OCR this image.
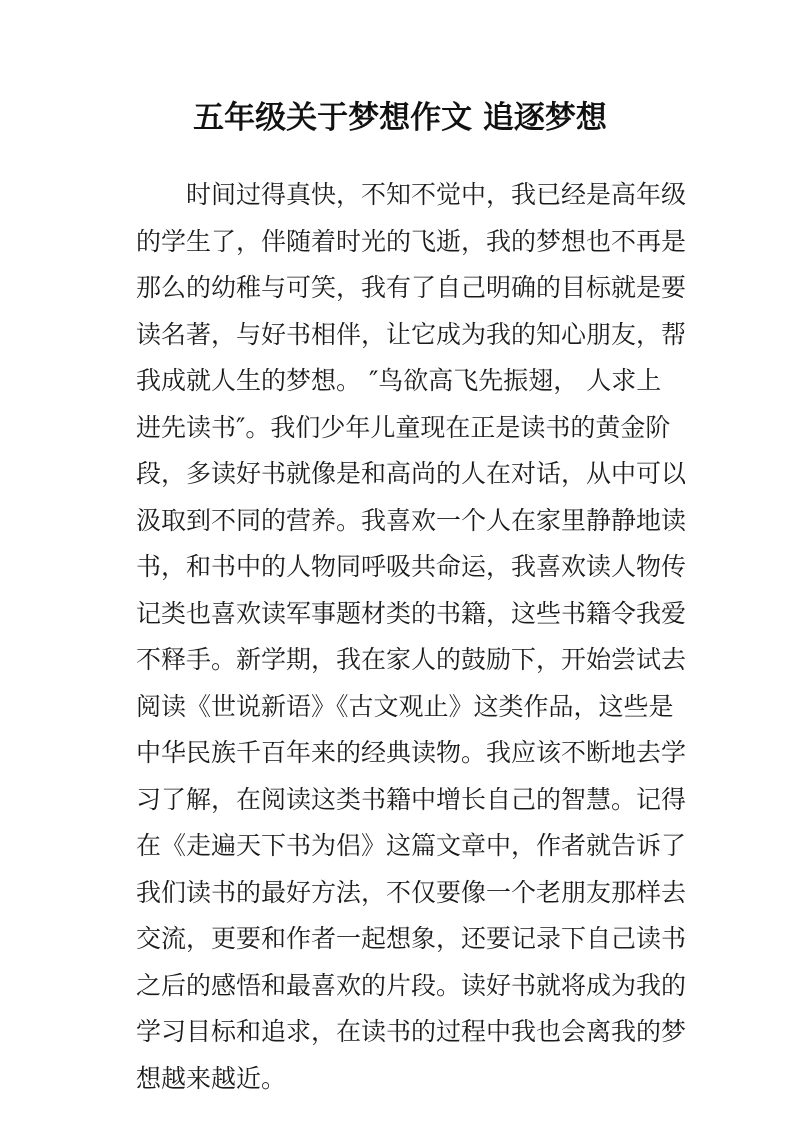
五年级关于梦想作文 追逐梦想
时间过得真快，不知不觉中，我已经是高年级
的学生了，伴随着时光的飞逝，我的梦想也不再是
那么的幼稚与可笑，我有了自己明确的目标就是要
读名著，与好书相伴，让它成为我的知心朋友，帮
我成就人生的梦想。 ″鸟欲高飞先振翅， 人求上
进先读书″。我们少年儿童现在正是读书的黄金阶
段，多读好书就像是和高尚的人在对话，从中可以
汲取到不同的营养。我喜欢一个人在家里静静地读
书，和书中的人物同呼吸共命运，我喜欢读人物传
记类也喜欢读军事题材类的书籍，这些书籍令我爱
不释手。新学期，我在家人的鼓励下，开始尝试去
阅读《世说新语》《古文观止》这类作品，这些是
中华民族千百年来的经典读物。我应该不断地去学
习了解，在阅读这类书籍中增长自己的智慧。记得
在《走遍天下书为侣》这篇文章中，作者就告诉了
我们读书的最好方法，不仅要像一个老朋友那样去
交流，更要和作者一起想象，还要记录下自己读书
之后的感悟和最喜欢的片段。读好书就将成为我的
学习目标和追求，在读书的过程中我也会离我的梦
想越来越近。
